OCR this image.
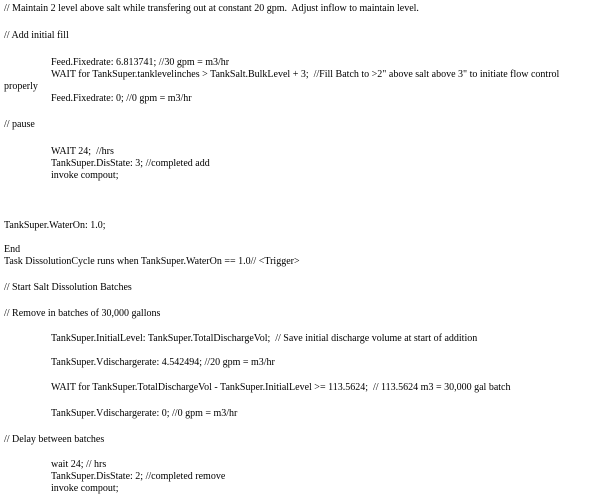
// Maintain 2 level above salt while transfering out at constant 20 gpm.  Adjust inflow to maintain level.
// Add initial fill
Feed.Fixedrate: 6.813741; //30 gpm = m3/hr
WAIT for TankSuper.tanklevelinches > TankSalt.BulkLevel + 3;  //Fill Batch to >2" above salt above 3" to initiate flow control
properly
Feed.Fixedrate: 0; //0 gpm = m3/hr
// pause
WAIT 24;  //hrs
TankSuper.DisState: 3; //completed add
invoke compout;
TankSuper.WaterOn: 1.0;
End
Task DissolutionCycle runs when TankSuper.WaterOn == 1.0// <Trigger>
// Start Salt Dissolution Batches
// Remove in batches of 30,000 gallons
TankSuper.InitialLevel: TankSuper.TotalDischargeVol;  // Save initial discharge volume at start of addition
TankSuper.Vdischargerate: 4.542494; //20 gpm = m3/hr
WAIT for TankSuper.TotalDischargeVol - TankSuper.InitialLevel >= 113.5624;  // 113.5624 m3 = 30,000 gal batch
TankSuper.Vdischargerate: 0; //0 gpm = m3/hr
// Delay between batches
wait 24; // hrs
TankSuper.DisState: 2; //completed remove
invoke compout;
